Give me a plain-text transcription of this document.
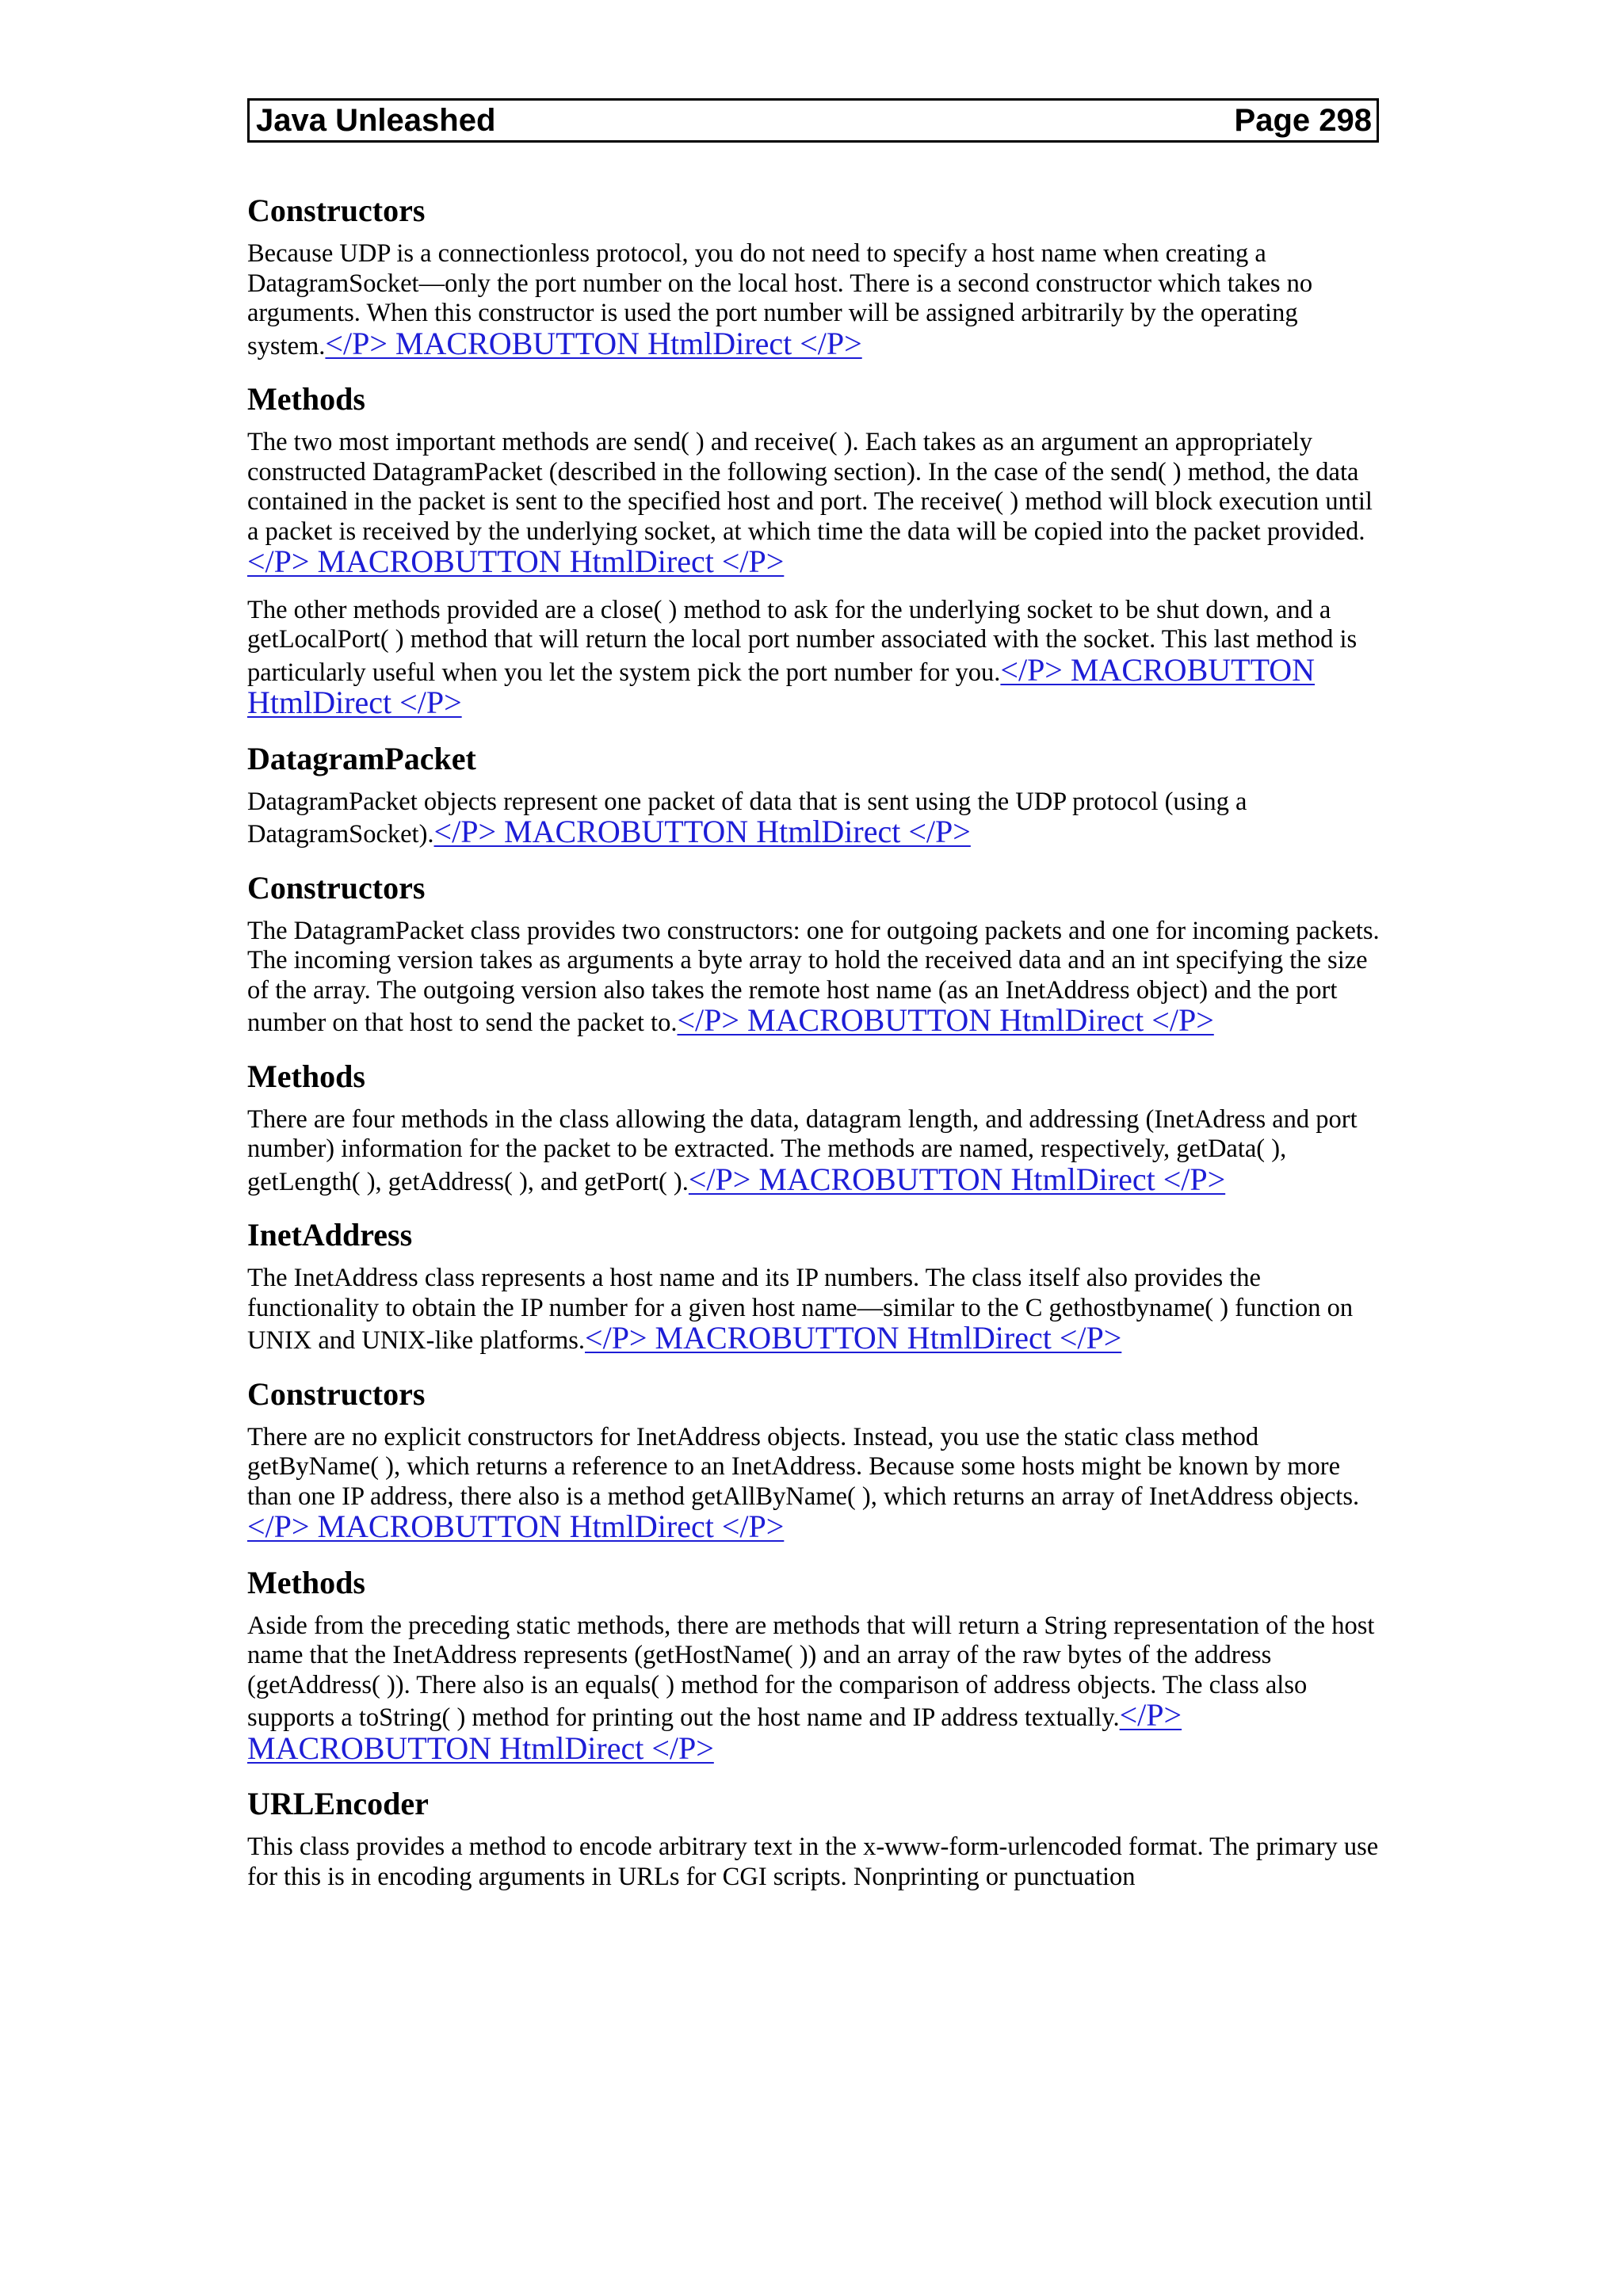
Java Unleashed	Page 298
Constructors

Because UDP is a connectionless protocol, you do not need to specify a host name when creating a DatagramSocket—only the port number on the local host. There is a second constructor which takes no arguments. When this constructor is used the port number will be assigned arbitrarily by the operating system.</P> MACROBUTTON HtmlDirect </P>

Methods

The two most important methods are send( ) and receive( ). Each takes as an argument an appropriately constructed DatagramPacket (described in the following section). In the case of the send( ) method, the data contained in the packet is sent to the specified host and port. The receive( ) method will block execution until a packet is received by the underlying socket, at which time the data will be copied into the packet provided.</P> MACROBUTTON HtmlDirect </P>

The other methods provided are a close( ) method to ask for the underlying socket to be shut down, and a getLocalPort( ) method that will return the local port number associated with the socket. This last method is particularly useful when you let the system pick the port number for you.</P> MACROBUTTON HtmlDirect </P>

DatagramPacket

DatagramPacket objects represent one packet of data that is sent using the UDP protocol (using a DatagramSocket).</P> MACROBUTTON HtmlDirect </P>

Constructors

The DatagramPacket class provides two constructors: one for outgoing packets and one for incoming packets. The incoming version takes as arguments a byte array to hold the received data and an int specifying the size of the array. The outgoing version also takes the remote host name (as an InetAddress object) and the port number on that host to send the packet to.</P> MACROBUTTON HtmlDirect </P>

Methods

There are four methods in the class allowing the data, datagram length, and addressing (InetAdress and port number) information for the packet to be extracted. The methods are named, respectively, getData( ), getLength( ), getAddress( ), and getPort( ).</P> MACROBUTTON HtmlDirect </P>

InetAddress

The InetAddress class represents a host name and its IP numbers. The class itself also provides the functionality to obtain the IP number for a given host name—similar to the C gethostbyname( ) function on UNIX and UNIX-like platforms.</P> MACROBUTTON HtmlDirect </P>

Constructors

There are no explicit constructors for InetAddress objects. Instead, you use the static class method getByName( ), which returns a reference to an InetAddress. Because some hosts might be known by more than one IP address, there also is a method getAllByName( ), which returns an array of InetAddress objects.</P> MACROBUTTON HtmlDirect </P>

Methods

Aside from the preceding static methods, there are methods that will return a String representation of the host name that the InetAddress represents (getHostName( )) and an array of the raw bytes of the address (getAddress( )). There also is an equals( ) method for the comparison of address objects. The class also supports a toString( ) method for printing out the host name and IP address textually.</P> MACROBUTTON HtmlDirect </P>

URLEncoder

This class provides a method to encode arbitrary text in the x-www-form-urlencoded format. The primary use for this is in encoding arguments in URLs for CGI scripts. Nonprinting or punctuation
